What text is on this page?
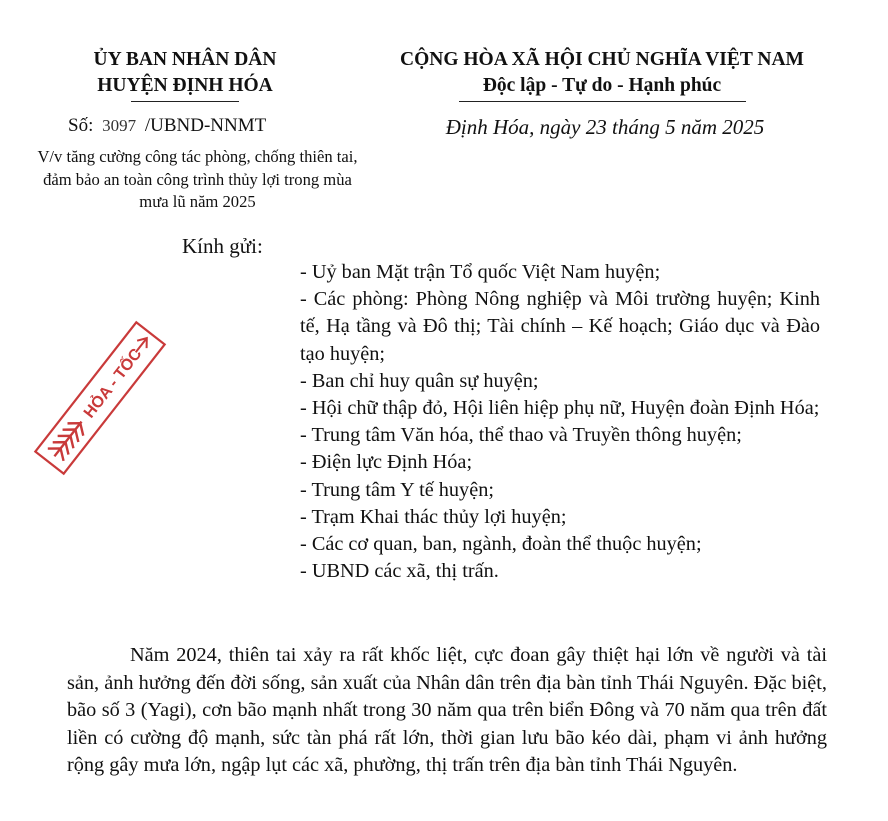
ỦY BAN NHÂN DÂN
HUYỆN ĐỊNH HÓA
CỘNG HÒA XÃ HỘI CHỦ NGHĨA VIỆT NAM
Độc lập - Tự do - Hạnh phúc
Số: 3097 /UBND-NNMT	Định Hóa, ngày 23 tháng 5 năm 2025
V/v tăng cường công tác phòng, chống thiên tai, đảm bảo an toàn công trình thủy lợi trong mùa mưa lũ năm 2025
Kính gửi:
- Uỷ ban Mặt trận Tổ quốc Việt Nam huyện;
- Các phòng: Phòng Nông nghiệp và Môi trường huyện; Kinh tế, Hạ tầng và Đô thị; Tài chính – Kế hoạch; Giáo dục và Đào tạo huyện;
- Ban chỉ huy quân sự huyện;
- Hội chữ thập đỏ, Hội liên hiệp phụ nữ, Huyện đoàn Định Hóa;
- Trung tâm Văn hóa, thể thao và Truyền thông huyện;
- Điện lực Định Hóa;
- Trung tâm Y tế huyện;
- Trạm Khai thác thủy lợi huyện;
- Các cơ quan, ban, ngành, đoàn thể thuộc huyện;
- UBND các xã, thị trấn.
HỎA - TỐC
Năm 2024, thiên tai xảy ra rất khốc liệt, cực đoan gây thiệt hại lớn về người và tài sản, ảnh hưởng đến đời sống, sản xuất của Nhân dân trên địa bàn tỉnh Thái Nguyên. Đặc biệt, bão số 3 (Yagi), cơn bão mạnh nhất trong 30 năm qua trên biển Đông và 70 năm qua trên đất liền có cường độ mạnh, sức tàn phá rất lớn, thời gian lưu bão kéo dài, phạm vi ảnh hưởng rộng gây mưa lớn, ngập lụt các xã, phường, thị trấn trên địa bàn tỉnh Thái Nguyên.
